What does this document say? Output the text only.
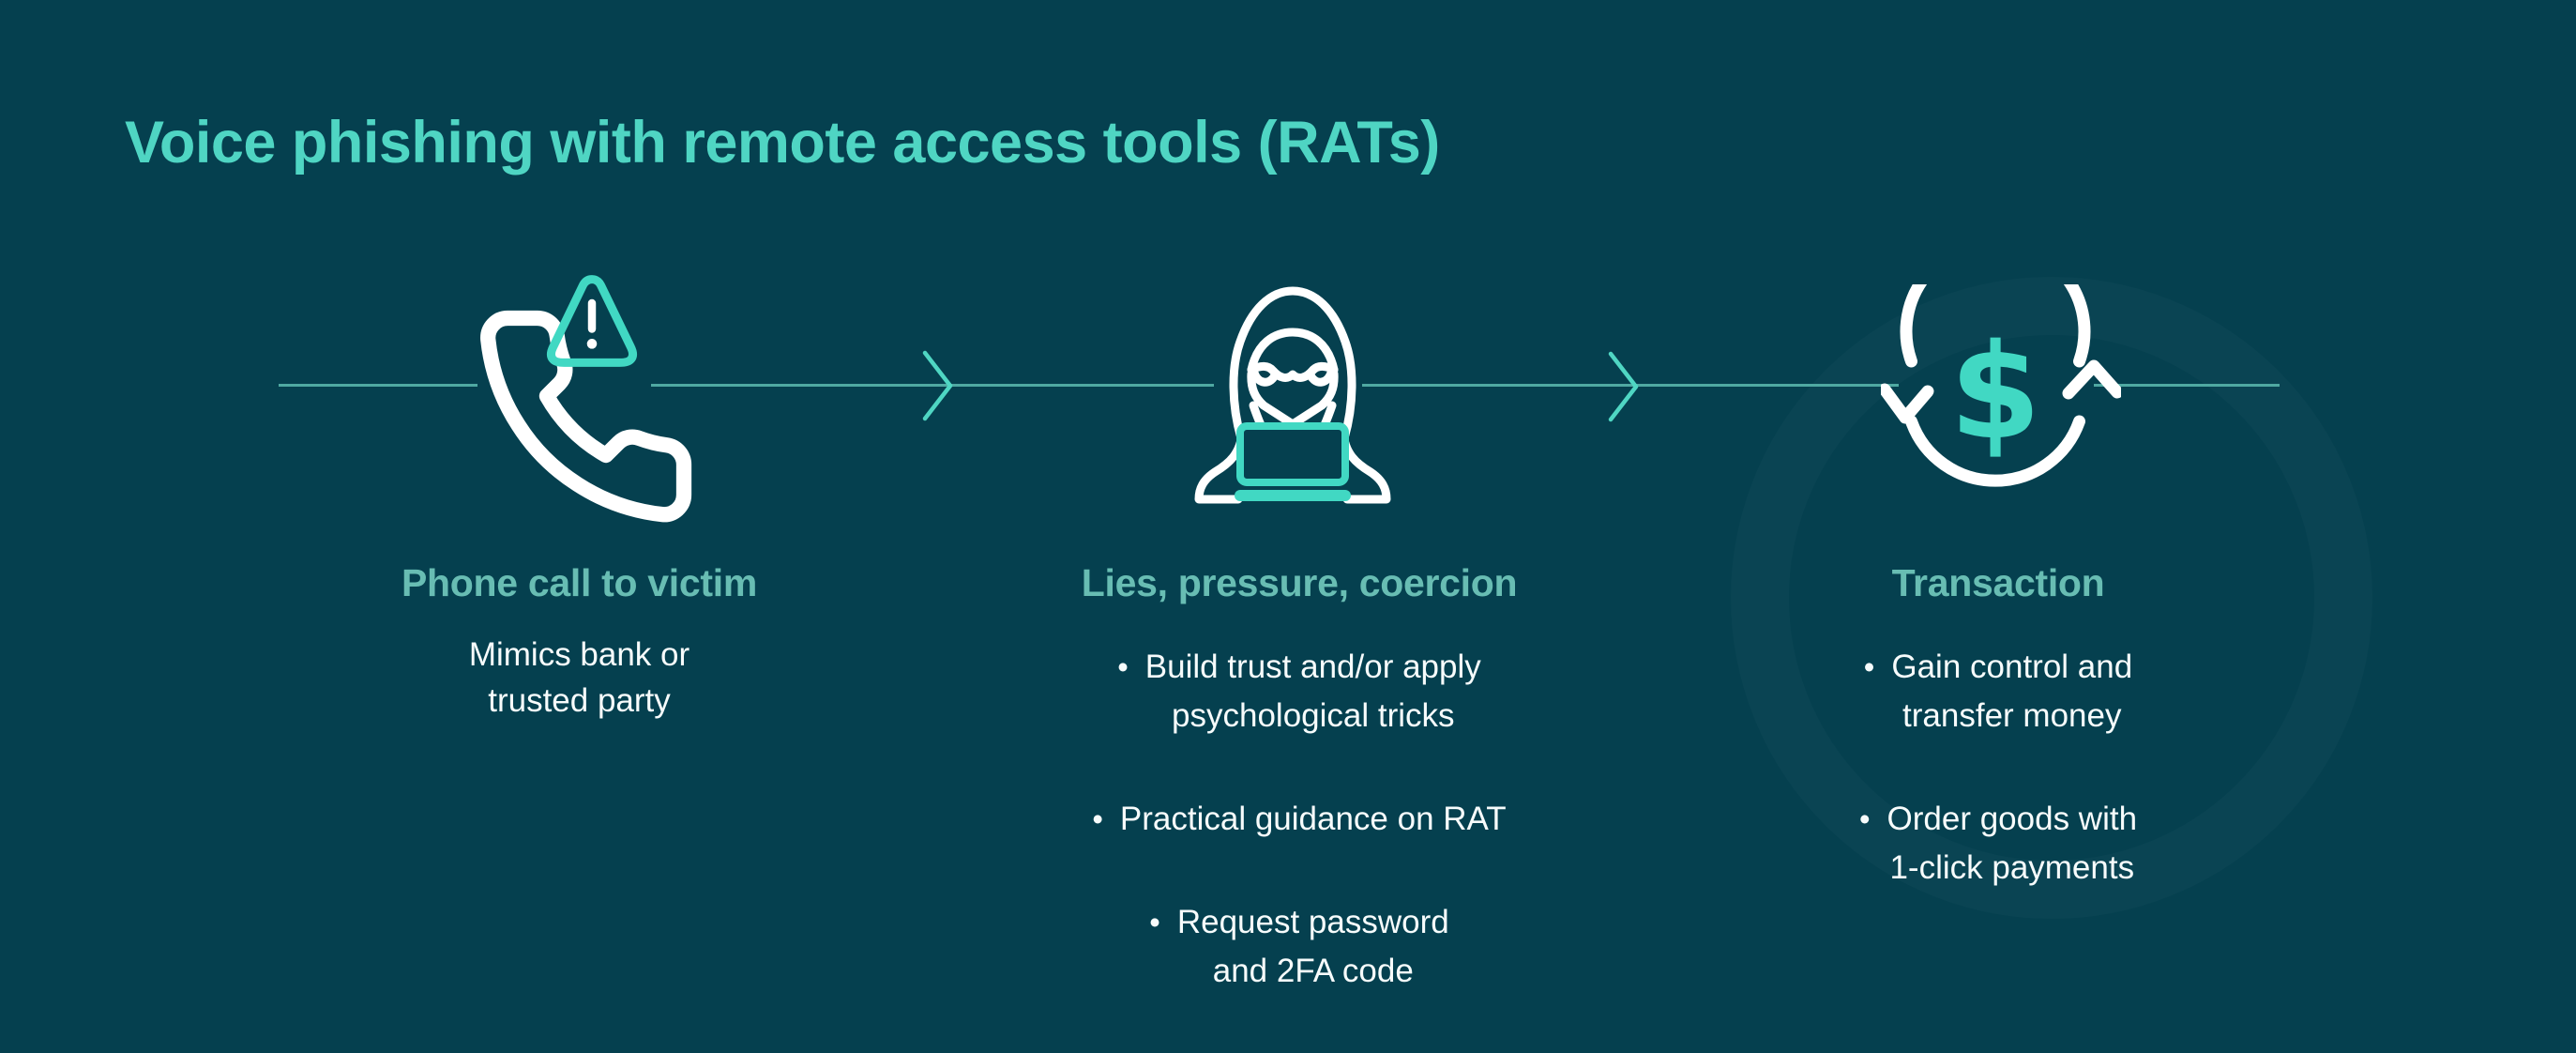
Voice phishing with remote access tools (RATs)
$
Phone call to victim
Mimics bank or
trusted party
Lies, pressure, coercion
• Build trust and/or apply
psychological tricks
• Practical guidance on RAT
• Request password
and 2FA code
Transaction
• Gain control and
transfer money
• Order goods with
1-click payments
